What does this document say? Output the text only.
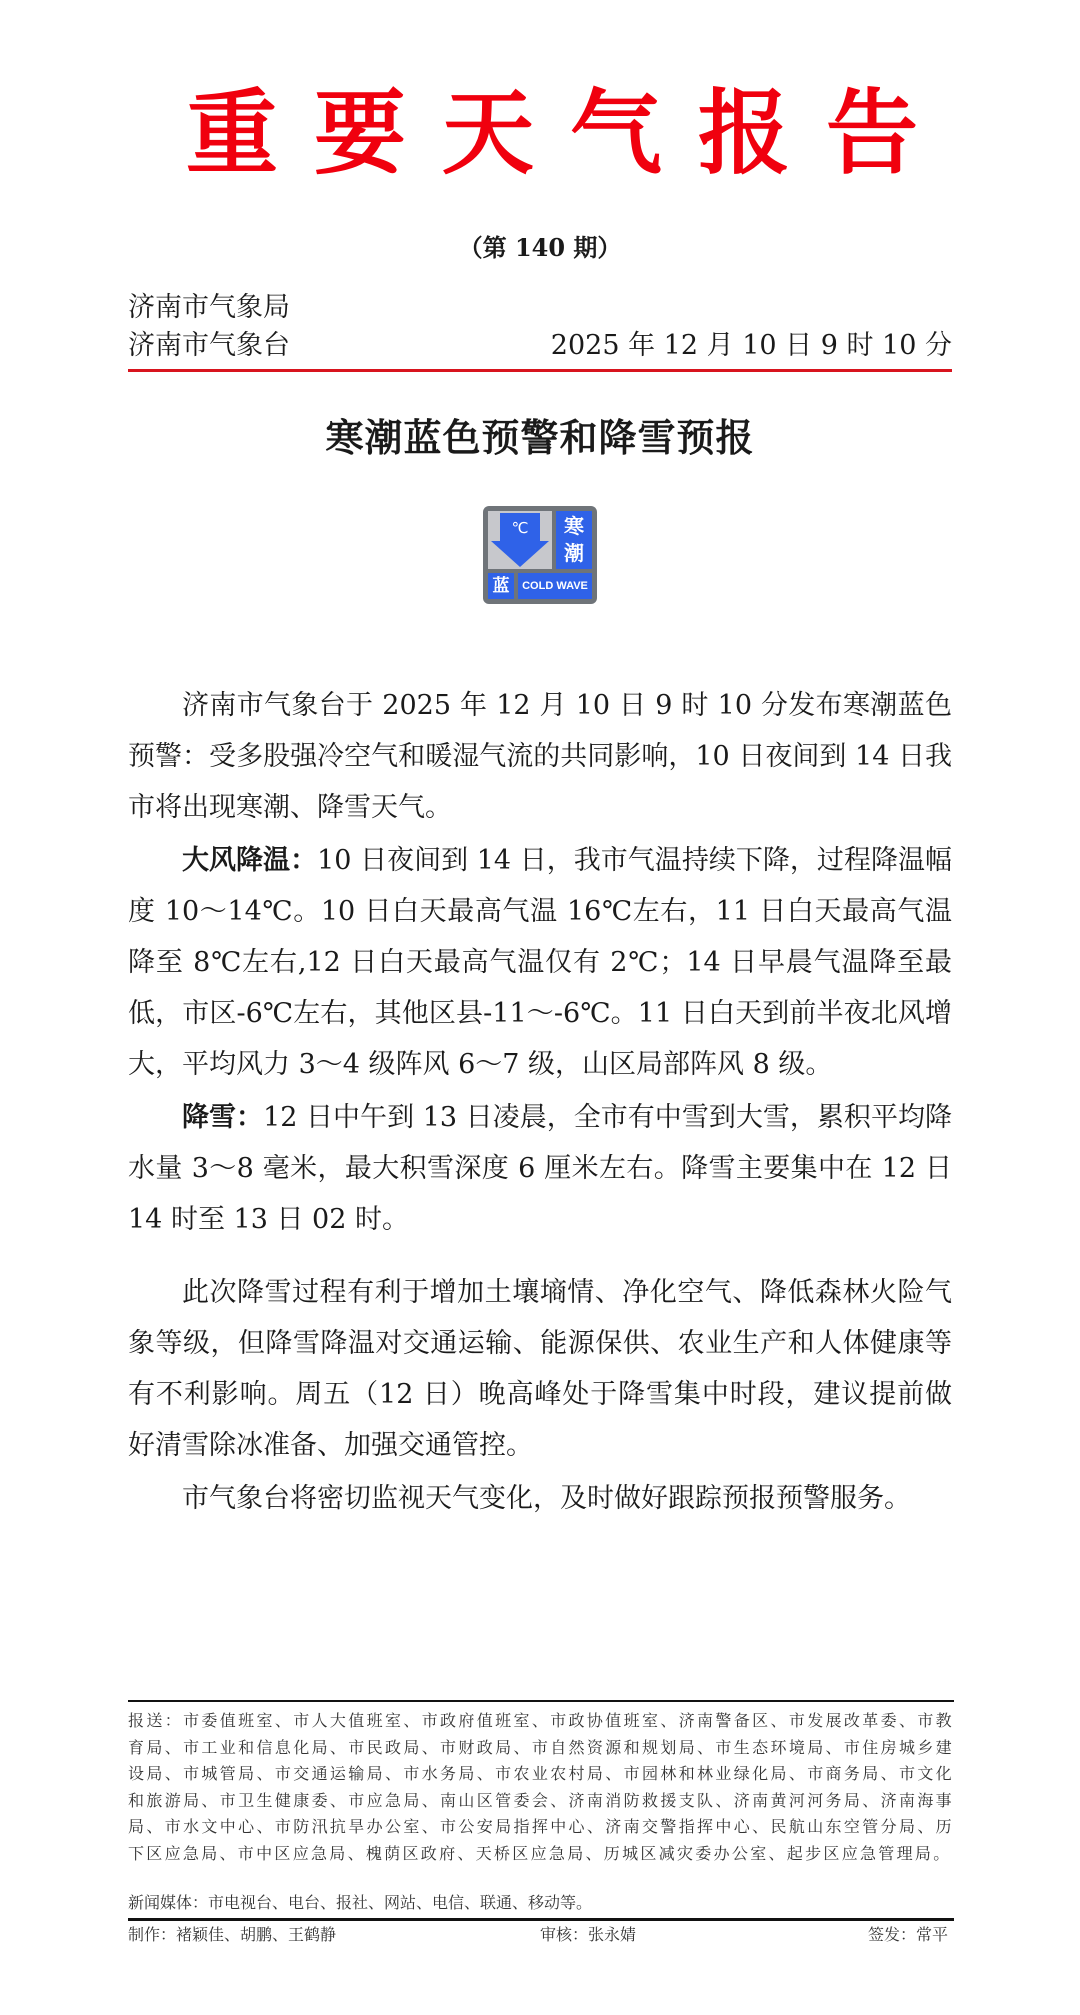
重要天气报告
（第 140 期）
济南市气象局
济南市气象台	2025 年 12 月 10 日 9 时 10 分
寒潮蓝色预警和降雪预报
℃	寒
潮
蓝	COLD WAVE

济南市气象台于 2025 年 12 月 10 日 9 时 10 分发布寒潮蓝色预警：受多股强冷空气和暖湿气流的共同影响，10 日夜间到 14 日我市将出现寒潮、降雪天气。

大风降温：10 日夜间到 14 日，我市气温持续下降，过程降温幅度 10～14℃。10 日白天最高气温 16℃左右，11 日白天最高气温降至 8℃左右,12 日白天最高气温仅有 2℃；14 日早晨气温降至最低，市区-6℃左右，其他区县-11～-6℃。11 日白天到前半夜北风增大，平均风力 3～4 级阵风 6～7 级，山区局部阵风 8 级。

降雪：12 日中午到 13 日凌晨，全市有中雪到大雪，累积平均降水量 3～8 毫米，最大积雪深度 6 厘米左右。降雪主要集中在 12 日 14 时至 13 日 02 时。

此次降雪过程有利于增加土壤墒情、净化空气、降低森林火险气象等级，但降雪降温对交通运输、能源保供、农业生产和人体健康等有不利影响。周五（12 日）晚高峰处于降雪集中时段，建议提前做好清雪除冰准备、加强交通管控。

市气象台将密切监视天气变化，及时做好跟踪预报预警服务。

报送：市委值班室、市人大值班室、市政府值班室、市政协值班室、济南警备区、市发展改革委、市教育局、市工业和信息化局、市民政局、市财政局、市自然资源和规划局、市生态环境局、市住房城乡建设局、市城管局、市交通运输局、市水务局、市农业农村局、市园林和林业绿化局、市商务局、市文化和旅游局、市卫生健康委、市应急局、南山区管委会、济南消防救援支队、济南黄河河务局、济南海事局、市水文中心、市防汛抗旱办公室、市公安局指挥中心、济南交警指挥中心、民航山东空管分局、历下区应急局、市中区应急局、槐荫区政府、天桥区应急局、历城区减灾委办公室、起步区应急管理局。

新闻媒体：市电视台、电台、报社、网站、电信、联通、移动等。
制作：褚颖佳、胡鹏、王鹤静	审核：张永婧	签发：常平
